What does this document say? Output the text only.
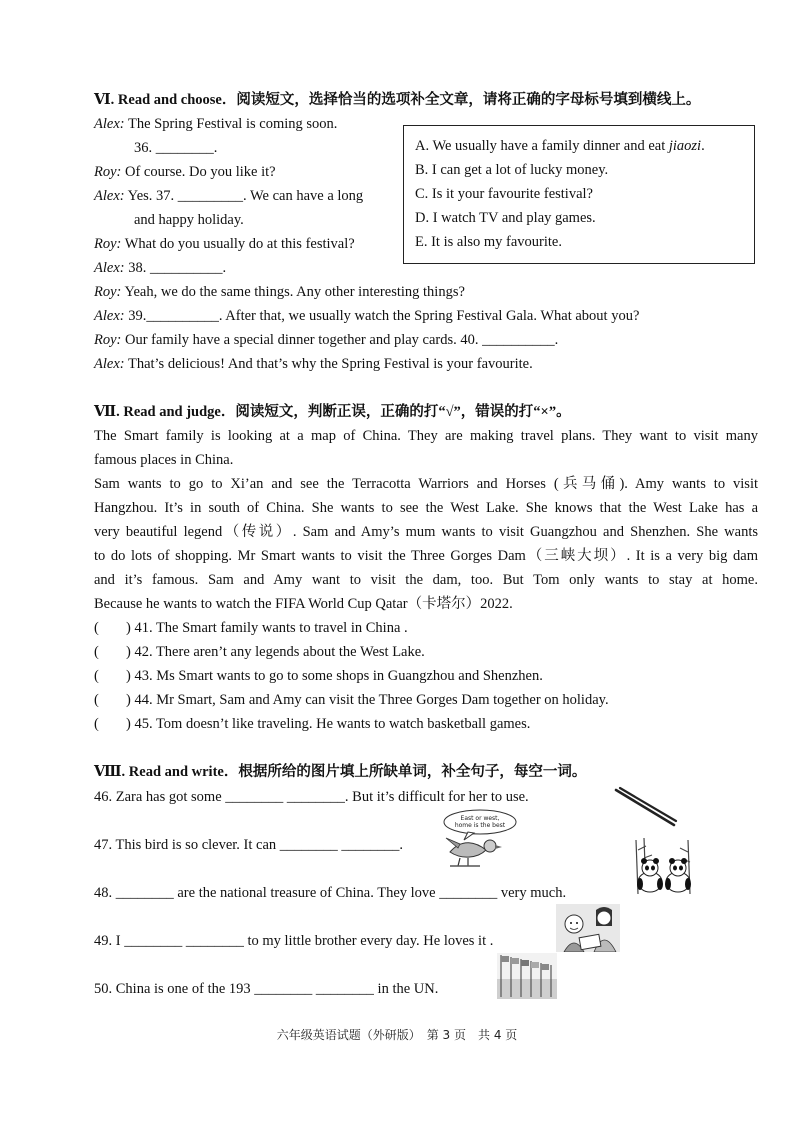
Ⅵ. Read and choose．阅读短文，选择恰当的选项补全文章，请将正确的字母标号填到横线上。
Alex: The Spring Festival is coming soon.
36. ________.
Roy: Of course. Do you like it?
Alex: Yes. 37. _________. We can have a long
and happy holiday.
Roy: What do you usually do at this festival?
Alex: 38. __________.
Roy: Yeah, we do the same things. Any other interesting things?
Alex: 39.__________. After that, we usually watch the Spring Festival Gala. What about you?
Roy: Our family have a special dinner together and play cards. 40. __________.
Alex: That’s delicious! And that’s why the Spring Festival is your favourite.
A. We usually have a family dinner and eat jiaozi.
B. I can get a lot of lucky money.
C. Is it your favourite festival?
D. I watch TV and play games.
E. It is also my favourite.
Ⅶ. Read and judge．阅读短文，判断正误，正确的打“√”，错误的打“×”。
The Smart family is looking at a map of China. They are making travel plans. They want to visit many
famous places in China.
Sam wants to go to Xi’an and see the Terracotta Warriors and Horses (兵马俑). Amy wants to visit
Hangzhou. It’s in south of China. She wants to see the West Lake. She knows that the West Lake has a
very beautiful legend（传说）. Sam and Amy’s mum wants to visit Guangzhou and Shenzhen. She wants
to do lots of shopping. Mr Smart wants to visit the Three Gorges Dam（三峡大坝）. It is a very big dam
and it’s famous. Sam and Amy want to visit the dam, too. But Tom only wants to stay at home.
Because he wants to watch the FIFA World Cup Qatar（卡塔尔）2022.
( ) 41. The Smart family wants to travel in China .
( ) 42. There aren’t any legends about the West Lake.
( ) 43. Ms Smart wants to go to some shops in Guangzhou and Shenzhen.
( ) 44. Mr Smart, Sam and Amy can visit the Three Gorges Dam together on holiday.
( ) 45. Tom doesn’t like traveling. He wants to watch basketball games.
Ⅷ. Read and write．根据所给的图片填上所缺单词，补全句子，每空一词。
46. Zara has got some ________ ________. But it’s difficult for her to use.
47. This bird is so clever. It can ________ ________.
48. ________ are the national treasure of China. They love ________ very much.
49. I ________ ________ to my little brother every day. He loves it .
50. China is one of the 193 ________ ________ in the UN.
East or west,
home is the best
六年级英语试题（外研版）　第 3 页　共 4 页
